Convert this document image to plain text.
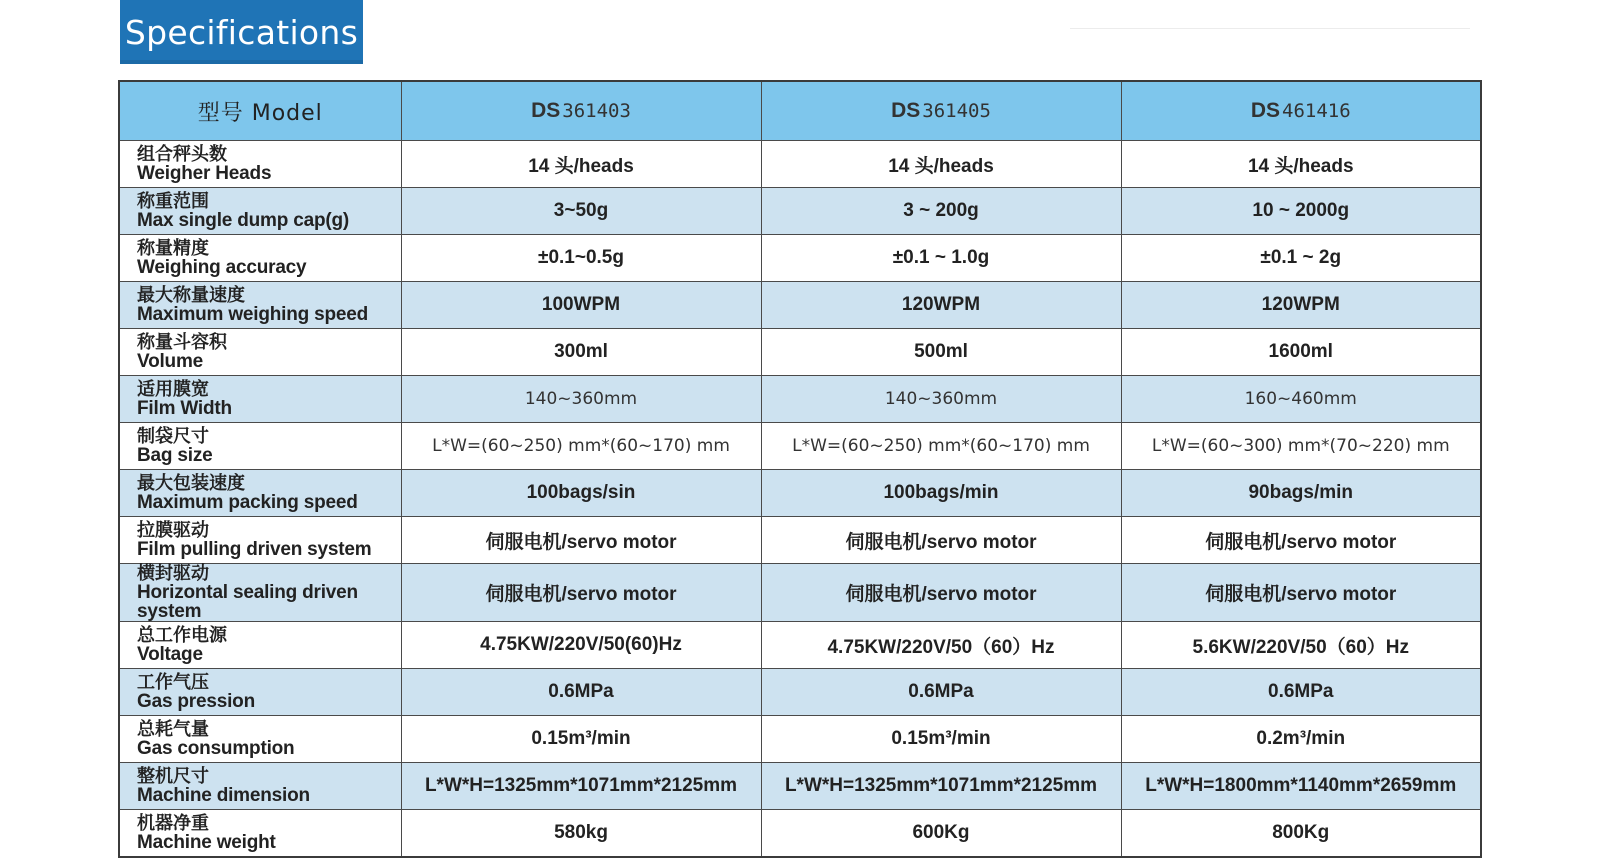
Specifications
型号 Model	DS 361403	DS 361405	DS 461416

组合秤头数
Weigher Heads	14 头/heads	14 头/heads	14 头/heads

称重范围
Max single dump cap(g)	3~50g	3 ~ 200g	10 ~ 2000g

称量精度
Weighing accuracy	±0.1~0.5g	±0.1 ~ 1.0g	±0.1 ~ 2g

最大称量速度
Maximum weighing speed	100WPM	120WPM	120WPM

称量斗容积
Volume	300ml	500ml	1600ml

适用膜宽
Film Width	140~360mm	140~360mm	160~460mm

制袋尺寸
Bag size	L*W=(60~250) mm*(60~170) mm	L*W=(60~250) mm*(60~170) mm	L*W=(60~300) mm*(70~220) mm

最大包装速度
Maximum packing speed	100bags/sin	100bags/min	90bags/min

拉膜驱动
Film pulling driven system	伺服电机/servo motor	伺服电机/servo motor	伺服电机/servo motor

横封驱动
Horizontal sealing driven system	伺服电机/servo motor	伺服电机/servo motor	伺服电机/servo motor

总工作电源
Voltage	4.75KW/220V/50(60)Hz	4.75KW/220V/50（60）Hz	5.6KW/220V/50（60）Hz

工作气压
Gas pression	0.6MPa	0.6MPa	0.6MPa

总耗气量
Gas consumption	0.15m³/min	0.15m³/min	0.2m³/min

整机尺寸
Machine dimension	L*W*H=1325mm*1071mm*2125mm	L*W*H=1325mm*1071mm*2125mm	L*W*H=1800mm*1140mm*2659mm

机器净重
Machine weight	580kg	600Kg	800Kg
